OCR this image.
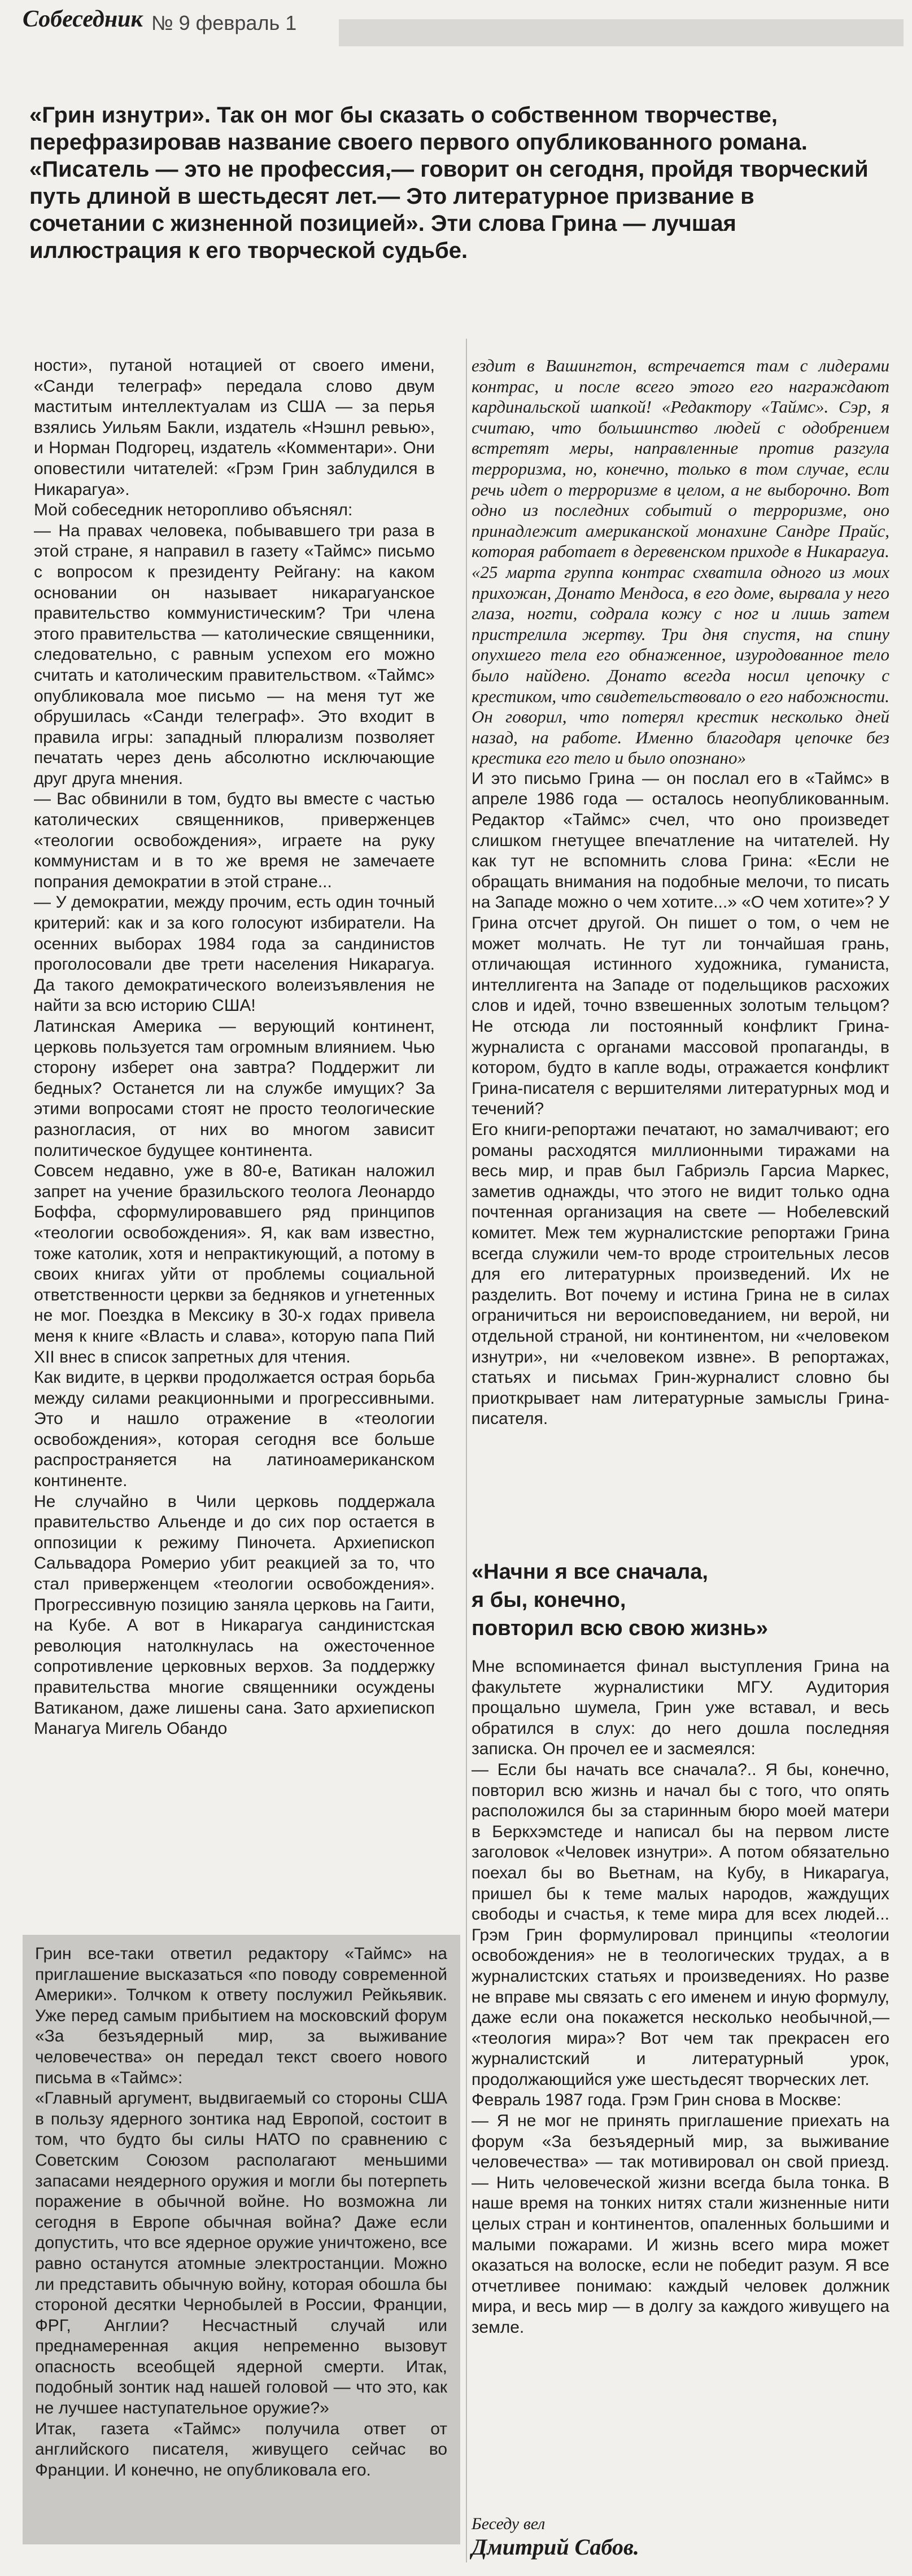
Собеседник № 9 февраль 1

«Грин изнутри». Так он мог бы сказать о собственном творчестве, перефразировав название своего первого опубликованного романа. «Писатель — это не профессия,— говорит он сегодня, пройдя творческий путь длиной в шестьдесят лет.— Это литературное призвание в сочетании с жизненной позицией». Эти слова Грина — лучшая иллюстрация к его творческой судьбе.

ности», путаной нотацией от своего имени, «Санди телеграф» передала слово двум маститым интеллектуалам из США — за перья взялись Уильям Бакли, издатель «Нэшнл ревью», и Норман Подгорец, издатель «Комментари». Они оповестили читателей: «Грэм Грин заблудился в Никарагуа».

Мой собеседник неторопливо объяснял:

— На правах человека, побывавшего три раза в этой стране, я направил в газету «Таймс» письмо с вопросом к президенту Рейгану: на каком основании он называет никарагуанское правительство коммунистическим? Три члена этого правительства — католические священники, следовательно, с равным успехом его можно считать и католическим правительством. «Таймс» опубликовала мое письмо — на меня тут же обрушилась «Санди телеграф». Это входит в правила игры: западный плюрализм позволяет печатать через день абсолютно исключающие друг друга мнения.

— Вас обвинили в том, будто вы вместе с частью католических священников, приверженцев «теологии освобождения», играете на руку коммунистам и в то же время не замечаете попрания демократии в этой стране...

— У демократии, между прочим, есть один точный критерий: как и за кого голосуют избиратели. На осенних выборах 1984 года за сандинистов проголосовали две трети населения Никарагуа. Да такого демократического волеизъявления не найти за всю историю США!

Латинская Америка — верующий континент, церковь пользуется там огромным влиянием. Чью сторону изберет она завтра? Поддержит ли бедных? Останется ли на службе имущих? За этими вопросами стоят не просто теологические разногласия, от них во многом зависит политическое будущее континента.

Совсем недавно, уже в 80-е, Ватикан наложил запрет на учение бразильского теолога Леонардо Боффа, сформулировавшего ряд принципов «теологии освобождения». Я, как вам известно, тоже католик, хотя и непрактикующий, а потому в своих книгах уйти от проблемы социальной ответственности церкви за бедняков и угнетенных не мог. Поездка в Мексику в 30-х годах привела меня к книге «Власть и слава», которую папа Пий XII внес в список запретных для чтения.

Как видите, в церкви продолжается острая борьба между силами реакционными и прогрессивными. Это и нашло отражение в «теологии освобождения», которая сегодня все больше распространяется на латиноамериканском континенте.

Не случайно в Чили церковь поддержала правительство Альенде и до сих пор остается в оппозиции к режиму Пиночета. Архиепископ Сальвадора Ромерио убит реакцией за то, что стал приверженцем «теологии освобождения». Прогрессивную позицию заняла церковь на Гаити, на Кубе. А вот в Никарагуа сандинистская революция натолкнулась на ожесточенное сопротивление церковных верхов. За поддержку правительства многие священники осуждены Ватиканом, даже лишены сана. Зато архиепископ Манагуа Мигель Обандо

Грин все-таки ответил редактору «Таймс» на приглашение высказаться «по поводу современной Америки». Толчком к ответу послужил Рейкьявик. Уже перед самым прибытием на московский форум «За безъядерный мир, за выживание человечества» он передал текст своего нового письма в «Таймс»:

«Главный аргумент, выдвигаемый со стороны США в пользу ядерного зонтика над Европой, состоит в том, что будто бы силы НАТО по сравнению с Советским Союзом располагают меньшими запасами неядерного оружия и могли бы потерпеть поражение в обычной войне. Но возможна ли сегодня в Европе обычная война? Даже если допустить, что все ядерное оружие уничтожено, все равно останутся атомные электростанции. Можно ли представить обычную войну, которая обошла бы стороной десятки Чернобылей в России, Франции, ФРГ, Англии? Несчастный случай или преднамеренная акция непременно вызовут опасность всеобщей ядерной смерти. Итак, подобный зонтик над нашей головой — что это, как не лучшее наступательное оружие?»

Итак, газета «Таймс» получила ответ от английского писателя, живущего сейчас во Франции. И конечно, не опубликовала его.

ездит в Вашингтон, встречается там с лидерами контрас, и после всего этого его награждают кардинальской шапкой! «Редактору «Таймс». Сэр, я считаю, что большинство людей с одобрением встретят меры, направленные против разгула терроризма, но, конечно, только в том случае, если речь идет о терроризме в целом, а не выборочно. Вот одно из последних событий о терроризме, оно принадлежит американской монахине Сандре Прайс, которая работает в деревенском приходе в Никарагуа. «25 марта группа контрас схватила одного из моих прихожан, Донато Мендоса, в его доме, вырвала у него глаза, ногти, содрала кожу с ног и лишь затем пристрелила жертву. Три дня спустя, на спину опухшего тела его обнаженное, изуродованное тело было найдено. Донато всегда носил цепочку с крестиком, что свидетельствовало о его набожности. Он говорил, что потерял крестик несколько дней назад, на работе. Именно благодаря цепочке без крестика его тело и было опознано»

И это письмо Грина — он послал его в «Таймс» в апреле 1986 года — осталось неопубликованным. Редактор «Таймс» счел, что оно произведет слишком гнетущее впечатление на читателей. Ну как тут не вспомнить слова Грина: «Если не обращать внимания на подобные мелочи, то писать на Западе можно о чем хотите...» «О чем хотите»? У Грина отсчет другой. Он пишет о том, о чем не может молчать. Не тут ли тончайшая грань, отличающая истинного художника, гуманиста, интеллигента на Западе от подельщиков расхожих слов и идей, точно взвешенных золотым тельцом? Не отсюда ли постоянный конфликт Грина-журналиста с органами массовой пропаганды, в котором, будто в капле воды, отражается конфликт Грина-писателя с вершителями литературных мод и течений?

Его книги-репортажи печатают, но замалчивают; его романы расходятся миллионными тиражами на весь мир, и прав был Габриэль Гарсиа Маркес, заметив однажды, что этого не видит только одна почтенная организация на свете — Нобелевский комитет. Меж тем журналистские репортажи Грина всегда служили чем-то вроде строительных лесов для его литературных произведений. Их не разделить. Вот почему и истина Грина не в силах ограничиться ни вероисповеданием, ни верой, ни отдельной страной, ни континентом, ни «человеком изнутри», ни «человеком извне». В репортажах, статьях и письмах Грин-журналист словно бы приоткрывает нам литературные замыслы Грина-писателя.

«Начни я все сначала,

я бы, конечно,

повторил всю свою жизнь»

Мне вспоминается финал выступления Грина на факультете журналистики МГУ. Аудитория прощально шумела, Грин уже вставал, и весь обратился в слух: до него дошла последняя записка. Он прочел ее и засмеялся:

— Если бы начать все сначала?.. Я бы, конечно, повторил всю жизнь и начал бы с того, что опять расположился бы за старинным бюро моей матери в Беркхэмстеде и написал бы на первом листе заголовок «Человек изнутри». А потом обязательно поехал бы во Вьетнам, на Кубу, в Никарагуа, пришел бы к теме малых народов, жаждущих свободы и счастья, к теме мира для всех людей... Грэм Грин формулировал принципы «теологии освобождения» не в теологических трудах, а в журналистских статьях и произведениях. Но разве не вправе мы связать с его именем и иную формулу, даже если она покажется несколько необычной,— «теология мира»? Вот чем так прекрасен его журналистский и литературный урок, продолжающийся уже шестьдесят творческих лет.

Февраль 1987 года. Грэм Грин снова в Москве:

— Я не мог не принять приглашение приехать на форум «За безъядерный мир, за выживание человечества» — так мотивировал он свой приезд.— Нить человеческой жизни всегда была тонка. В наше время на тонких нитях стали жизненные нити целых стран и континентов, опаленных большими и малыми пожарами. И жизнь всего мира может оказаться на волоске, если не победит разум. Я все отчетливее понимаю: каждый человек должник мира, и весь мир — в долгу за каждого живущего на земле.

Беседу вел
Дмитрий Сабов.
